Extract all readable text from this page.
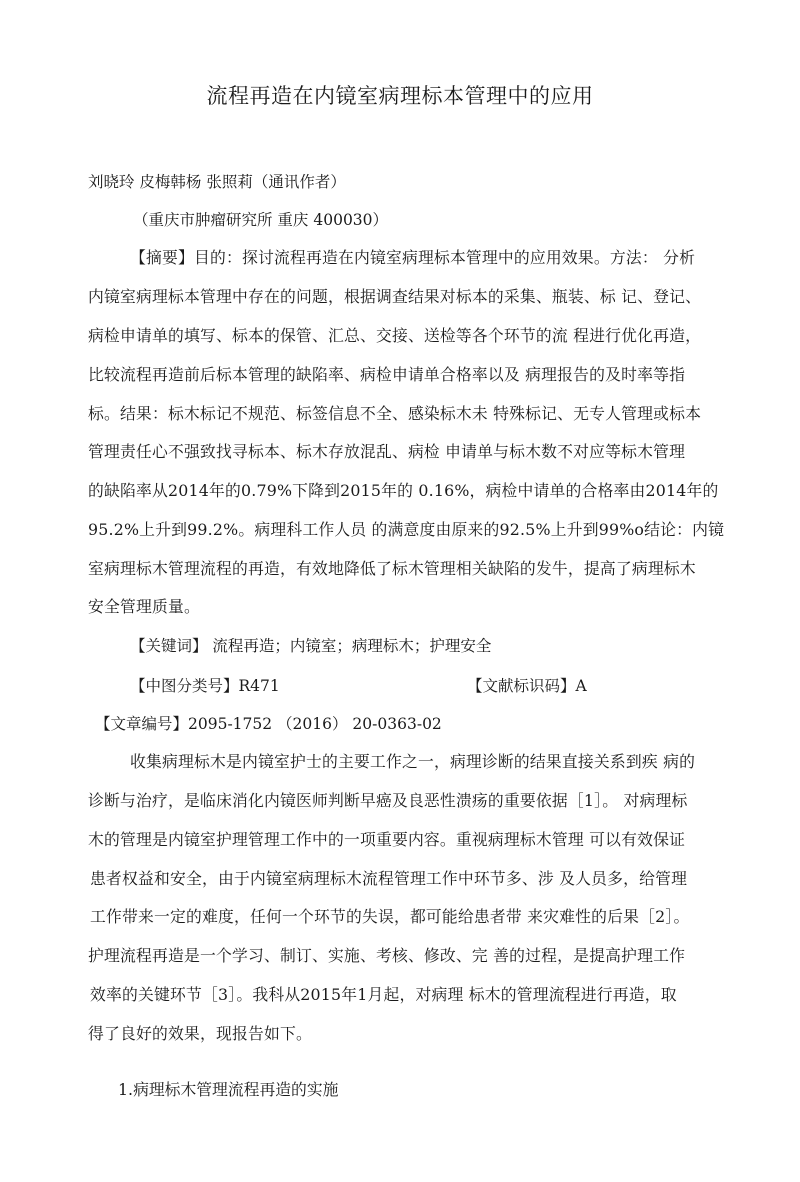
流程再造在内镜室病理标本管理中的应用
刘晓玲 皮梅韩杨 张照莉（通讯作者）
（重庆市肿瘤研究所 重庆 400030）
【摘要】目的：探讨流程再造在内镜室病理标本管理中的应用效果。方法： 分析
内镜室病理标本管理中存在的问题，根据调查结果对标本的采集、瓶装、标 记、登记、
病检申请单的填写、标本的保管、汇总、交接、送检等各个环节的流 程进行优化再造，
比较流程再造前后标本管理的缺陷率、病检申请单合格率以及 病理报告的及时率等指
标。结果：标木标记不规范、标签信息不全、感染标木未 特殊标记、无专人管理或标本
管理责任心不强致找寻标本、标木存放混乱、病检 申请单与标木数不对应等标木管理
的缺陷率从2014年的0.79%下降到2015年的 0.16%，病检中请单的合格率由2014年的
95.2%上升到99.2%。病理科工作人员 的满意度由原来的92.5%上升到99%o结论：内镜
室病理标木管理流程的再造，有效地降低了标木管理相关缺陷的发牛，提高了病理标木
安全管理质量。
【关键词】 流程再造；内镜室；病理标木；护理安全
【中图分类号】R471	【文献标识码】A
【文章编号】2095-1752 （2016） 20-0363-02
收集病理标木是内镜室护士的主要工作之一，病理诊断的结果直接关系到疾 病的
诊断与治疗，是临床消化内镜医师判断早癌及良恶性溃疡的重要依据［1］。 对病理标
木的管理是内镜室护理管理工作中的一项重要内容。重视病理标木管理 可以有效保证
患者权益和安全，由于内镜室病理标木流程管理工作中环节多、涉 及人员多，给管理
工作带来一定的难度，任何一个环节的失误，都可能给患者带 来灾难性的后果［2］。
护理流程再造是一个学习、制订、实施、考核、修改、完 善的过程，是提高护理工作
效率的关键环节［3］。我科从2015年1月起，对病理 标木的管理流程进行再造，取
得了良好的效果，现报告如下。
1.病理标木管理流程再造的实施
